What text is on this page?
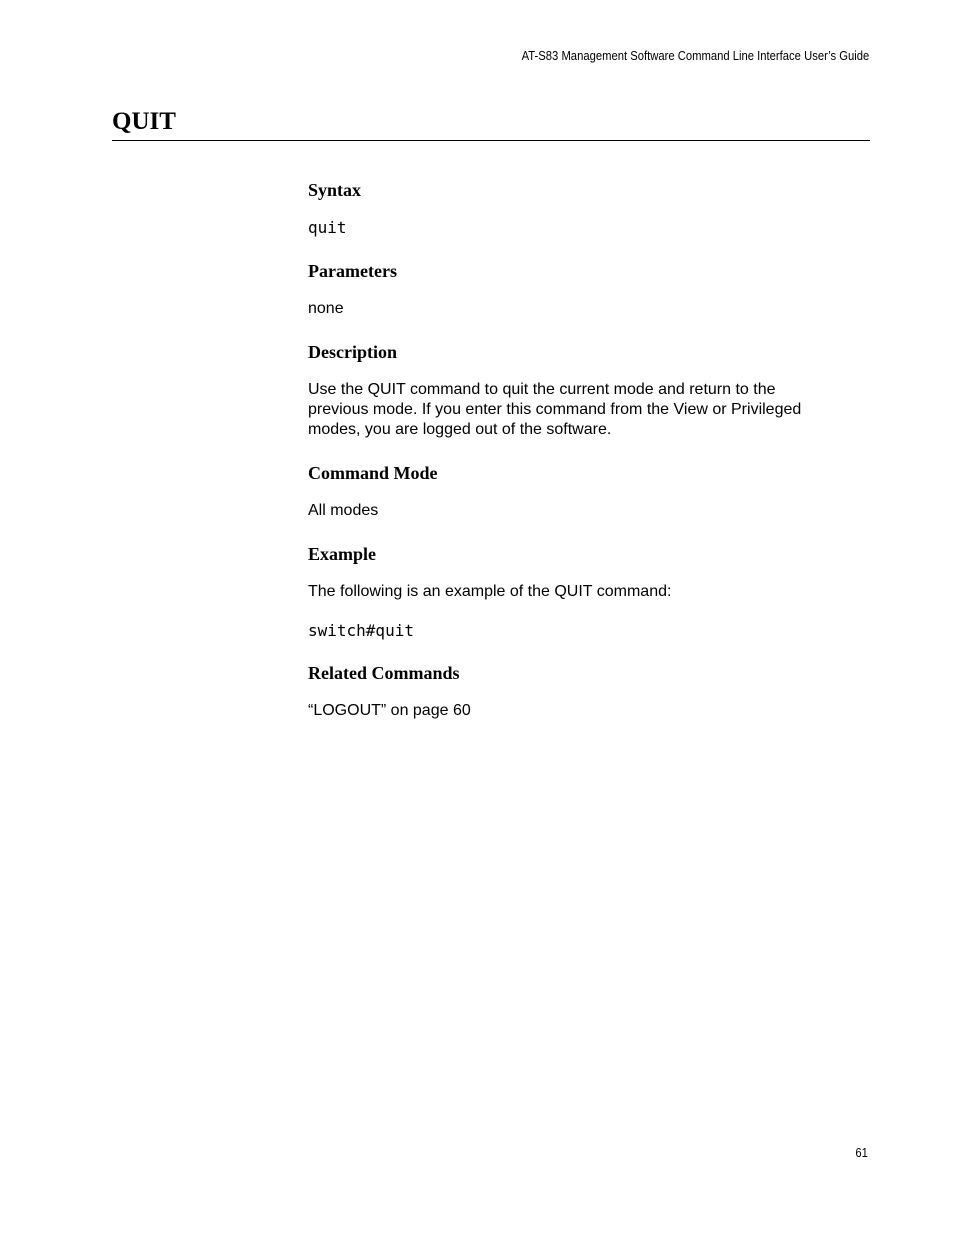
AT-S83 Management Software Command Line Interface User’s Guide
QUIT
Syntax
quit
Parameters
none
Description
Use the QUIT command to quit the current mode and return to the
previous mode. If you enter this command from the View or Privileged
modes, you are logged out of the software.
Command Mode
All modes
Example
The following is an example of the QUIT command:
switch#quit
Related Commands
“LOGOUT” on page 60
61
